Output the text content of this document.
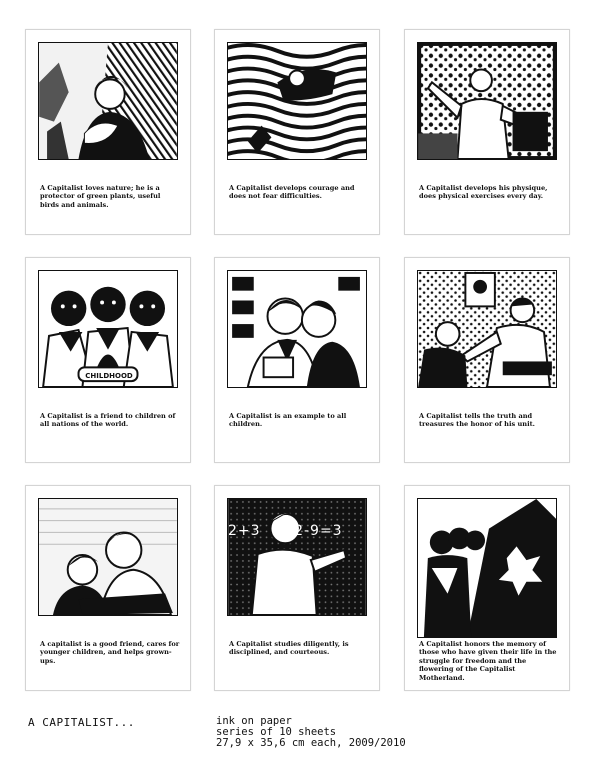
A Capitalist loves nature; he is a protector of green plants, useful birds and animals.
A Capitalist develops courage and does not fear difficulties.
A Capitalist develops his physique, does physical exercises every day.
CHILDHOOD
A Capitalist is a friend to children of all nations of the world.
A Capitalist is an example to all children.
A Capitalist tells the truth and treasures the honor of his unit.
A capitalist is a good friend, cares for younger children, and helps grown-ups.
2+3  7+2-9=3
A Capitalist studies diligently, is disciplined, and courteous.
A Capitalist honors the memory of those who have given their life in the struggle for freedom and the flowering of the Capitalist Motherland.
A CAPITALIST...	ink on paper
series of 10 sheets
27,9 x 35,6 cm each, 2009/2010
